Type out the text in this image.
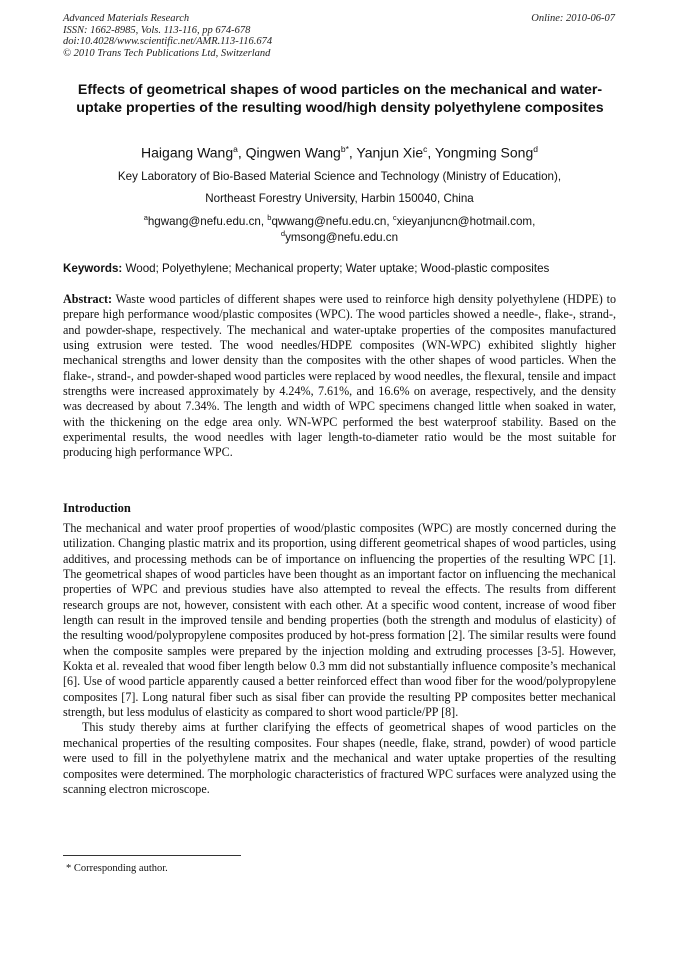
Advanced Materials Research
ISSN: 1662-8985, Vols. 113-116, pp 674-678
doi:10.4028/www.scientific.net/AMR.113-116.674
© 2010 Trans Tech Publications Ltd, Switzerland
Online: 2010-06-07
Effects of geometrical shapes of wood particles on the mechanical and water-uptake properties of the resulting wood/high density polyethylene composites
Haigang Wang$^a$, Qingwen Wang$^{b*}$, Yanjun Xie$^c$, Yongming Song$^d$
Key Laboratory of Bio-Based Material Science and Technology (Ministry of Education),
Northeast Forestry University, Harbin 150040, China
$^a$hgwang@nefu.edu.cn, $^b$qwwang@nefu.edu.cn, $^c$xieyanjuncn@hotmail.com,
$^d$ymsong@nefu.edu.cn
Keywords: Wood; Polyethylene; Mechanical property; Water uptake; Wood-plastic composites
Abstract: Waste wood particles of different shapes were used to reinforce high density polyethylene (HDPE) to prepare high performance wood/plastic composites (WPC). The wood particles showed a needle-, flake-, strand-, and powder-shape, respectively. The mechanical and water-uptake properties of the composites manufactured using extrusion were tested. The wood needles/HDPE composites (WN-WPC) exhibited slightly higher mechanical strengths and lower density than the composites with the other shapes of wood particles. When the flake-, strand-, and powder-shaped wood particles were replaced by wood needles, the flexural, tensile and impact strengths were increased approximately by 4.24%, 7.61%, and 16.6% on average, respectively, and the density was decreased by about 7.34%. The length and width of WPC specimens changed little when soaked in water, with the thickening on the edge area only. WN-WPC performed the best waterproof stability. Based on the experimental results, the wood needles with lager length-to-diameter ratio would be the most suitable for producing high performance WPC.
Introduction
The mechanical and water proof properties of wood/plastic composites (WPC) are mostly concerned during the utilization. Changing plastic matrix and its proportion, using different geometrical shapes of wood particles, using additives, and processing methods can be of importance on influencing the properties of the resulting WPC [1]. The geometrical shapes of wood particles have been thought as an important factor on influencing the mechanical properties of WPC and previous studies have also attempted to reveal the effects. The results from different research groups are not, however, consistent with each other. At a specific wood content, increase of wood fiber length can result in the improved tensile and bending properties (both the strength and modulus of elasticity) of the resulting wood/polypropylene composites produced by hot-press formation [2]. The similar results were found when the composite samples were prepared by the injection molding and extruding processes [3-5]. However, Kokta et al. revealed that wood fiber length below 0.3 mm did not substantially influence composite’s mechanical [6]. Use of wood particle apparently caused a better reinforced effect than wood fiber for the wood/polypropylene composites [7]. Long natural fiber such as sisal fiber can provide the resulting PP composites better mechanical strength, but less modulus of elasticity as compared to short wood particle/PP [8].
This study thereby aims at further clarifying the effects of geometrical shapes of wood particles on the mechanical properties of the resulting composites. Four shapes (needle, flake, strand, powder) of wood particle were used to fill in the polyethylene matrix and the mechanical and water uptake properties of the resulting composites were determined. The morphologic characteristics of fractured WPC surfaces were analyzed using the scanning electron microscope.
* Corresponding author.
